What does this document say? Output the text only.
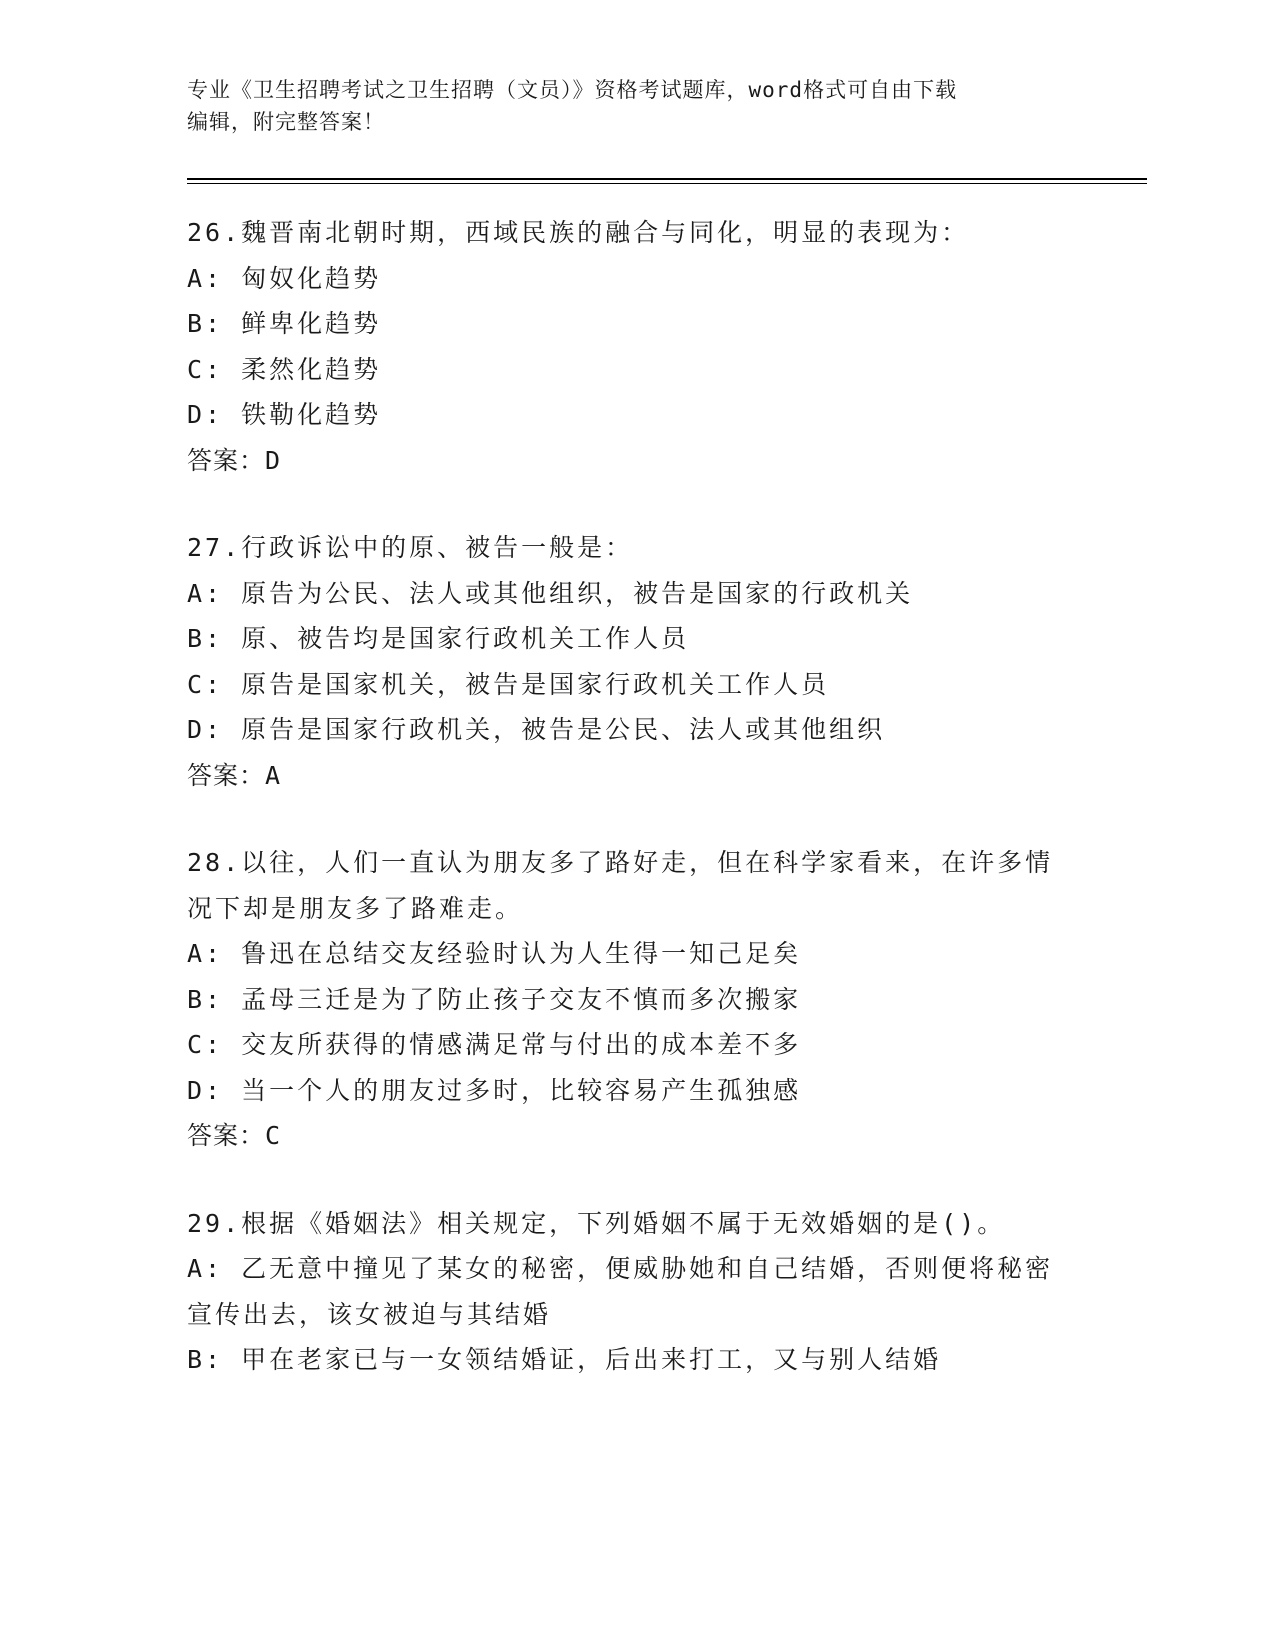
专业《卫生招聘考试之卫生招聘（文员）》资格考试题库，word格式可自由下载
编辑，附完整答案！
26.魏晋南北朝时期，西域民族的融合与同化，明显的表现为：
A: 匈奴化趋势
B: 鲜卑化趋势
C: 柔然化趋势
D: 铁勒化趋势
答案：D
27.行政诉讼中的原、被告一般是：
A: 原告为公民、法人或其他组织，被告是国家的行政机关
B: 原、被告均是国家行政机关工作人员
C: 原告是国家机关，被告是国家行政机关工作人员
D: 原告是国家行政机关，被告是公民、法人或其他组织
答案：A
28.以往，人们一直认为朋友多了路好走，但在科学家看来，在许多情
况下却是朋友多了路难走。
A: 鲁迅在总结交友经验时认为人生得一知己足矣
B: 孟母三迁是为了防止孩子交友不慎而多次搬家
C: 交友所获得的情感满足常与付出的成本差不多
D: 当一个人的朋友过多时，比较容易产生孤独感
答案：C
29.根据《婚姻法》相关规定，下列婚姻不属于无效婚姻的是()。
A: 乙无意中撞见了某女的秘密，便威胁她和自己结婚，否则便将秘密
宣传出去，该女被迫与其结婚
B: 甲在老家已与一女领结婚证，后出来打工，又与别人结婚
